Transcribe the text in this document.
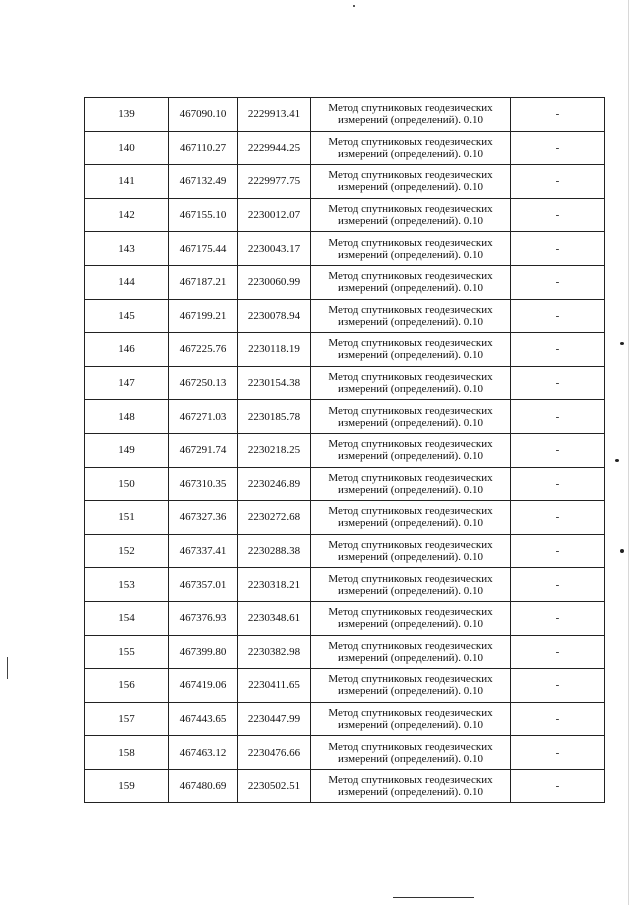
139	467090.10	2229913.41	Метод спутниковых геодезических
измерений (определений). 0.10	-
140	467110.27	2229944.25	Метод спутниковых геодезических
измерений (определений). 0.10	-
141	467132.49	2229977.75	Метод спутниковых геодезических
измерений (определений). 0.10	-
142	467155.10	2230012.07	Метод спутниковых геодезических
измерений (определений). 0.10	-
143	467175.44	2230043.17	Метод спутниковых геодезических
измерений (определений). 0.10	-
144	467187.21	2230060.99	Метод спутниковых геодезических
измерений (определений). 0.10	-
145	467199.21	2230078.94	Метод спутниковых геодезических
измерений (определений). 0.10	-
146	467225.76	2230118.19	Метод спутниковых геодезических
измерений (определений). 0.10	-
147	467250.13	2230154.38	Метод спутниковых геодезических
измерений (определений). 0.10	-
148	467271.03	2230185.78	Метод спутниковых геодезических
измерений (определений). 0.10	-
149	467291.74	2230218.25	Метод спутниковых геодезических
измерений (определений). 0.10	-
150	467310.35	2230246.89	Метод спутниковых геодезических
измерений (определений). 0.10	-
151	467327.36	2230272.68	Метод спутниковых геодезических
измерений (определений). 0.10	-
152	467337.41	2230288.38	Метод спутниковых геодезических
измерений (определений). 0.10	-
153	467357.01	2230318.21	Метод спутниковых геодезических
измерений (определений). 0.10	-
154	467376.93	2230348.61	Метод спутниковых геодезических
измерений (определений). 0.10	-
155	467399.80	2230382.98	Метод спутниковых геодезических
измерений (определений). 0.10	-
156	467419.06	2230411.65	Метод спутниковых геодезических
измерений (определений). 0.10	-
157	467443.65	2230447.99	Метод спутниковых геодезических
измерений (определений). 0.10	-
158	467463.12	2230476.66	Метод спутниковых геодезических
измерений (определений). 0.10	-
159	467480.69	2230502.51	Метод спутниковых геодезических
измерений (определений). 0.10	-
